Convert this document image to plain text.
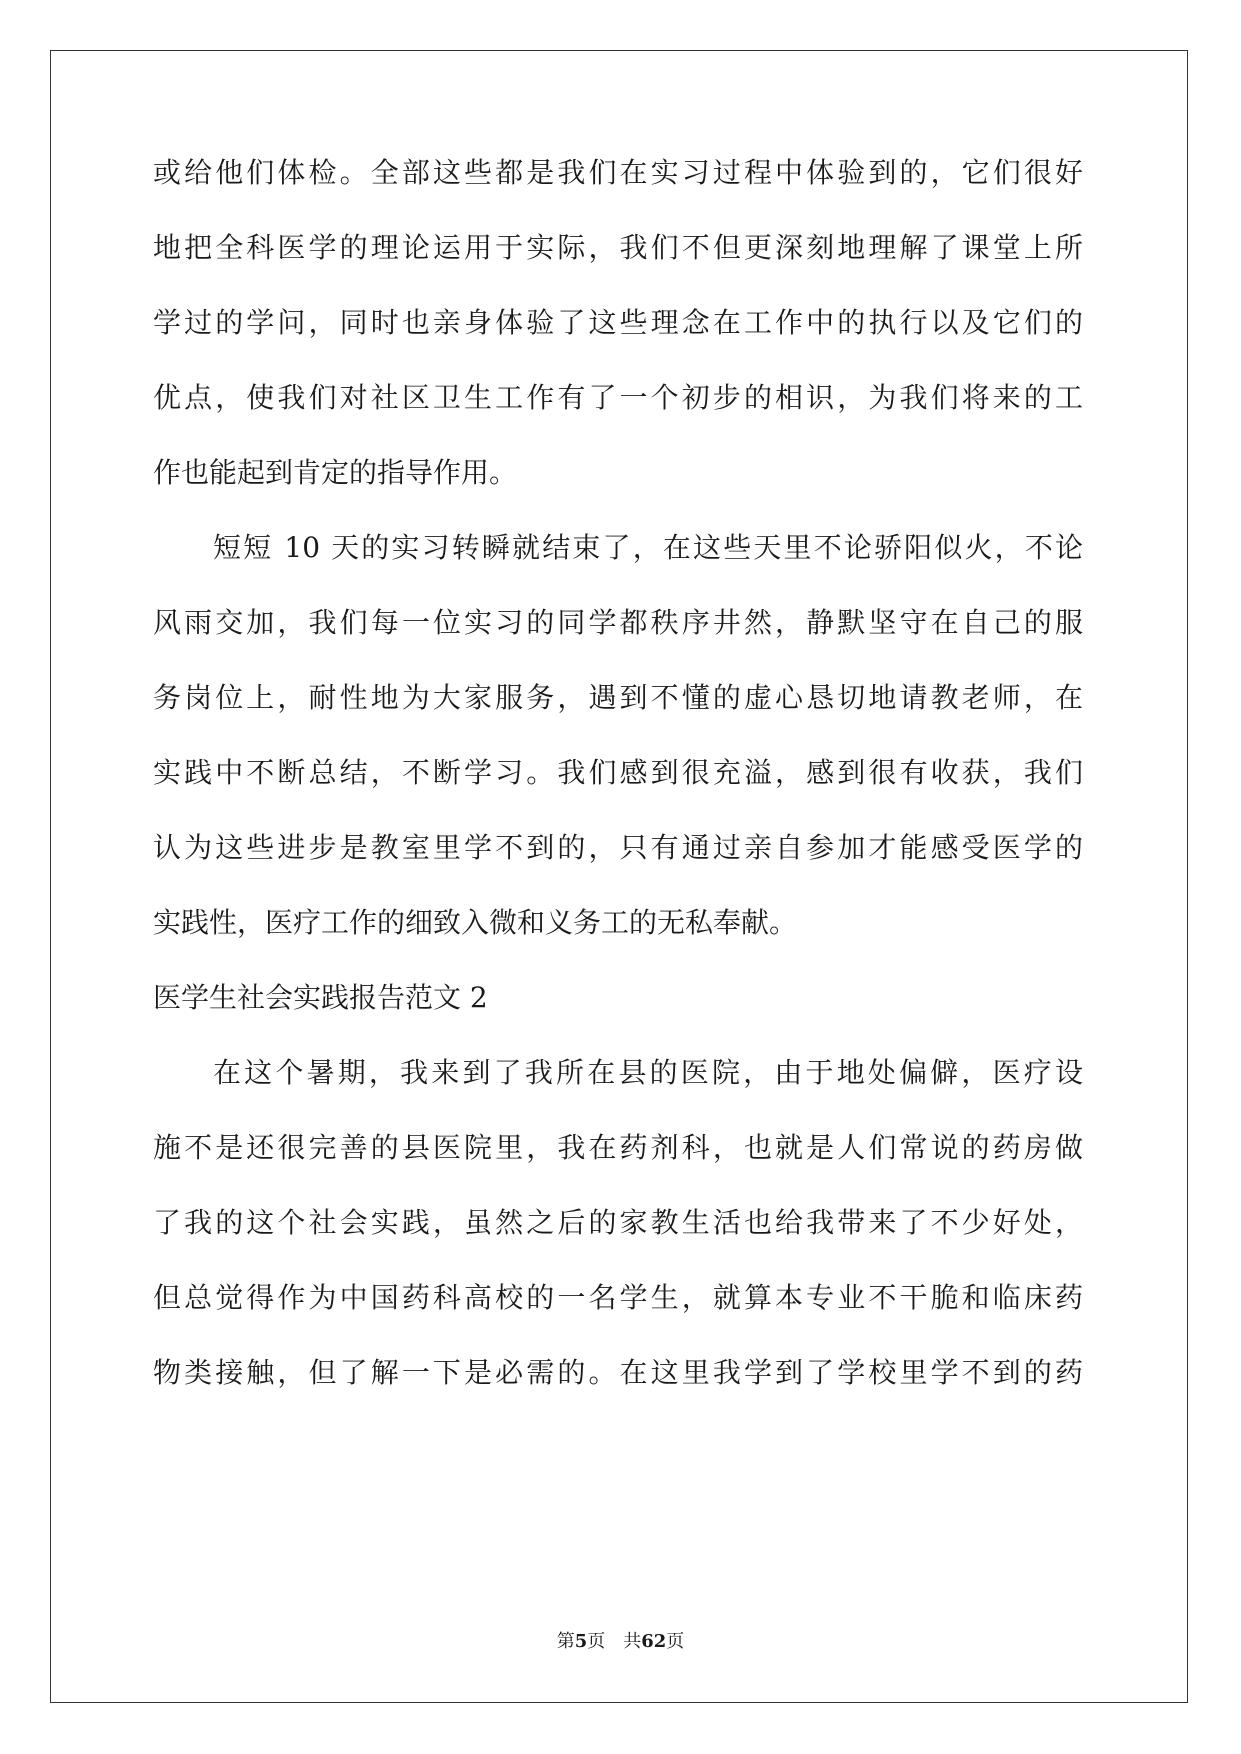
或给他们体检。全部这些都是我们在实习过程中体验到的，它们很好

地把全科医学的理论运用于实际，我们不但更深刻地理解了课堂上所

学过的学问，同时也亲身体验了这些理念在工作中的执行以及它们的

优点，使我们对社区卫生工作有了一个初步的相识，为我们将来的工

作也能起到肯定的指导作用。

短短 10 天的实习转瞬就结束了，在这些天里不论骄阳似火，不论

风雨交加，我们每一位实习的同学都秩序井然，静默坚守在自己的服

务岗位上，耐性地为大家服务，遇到不懂的虚心恳切地请教老师，在

实践中不断总结，不断学习。我们感到很充溢，感到很有收获，我们

认为这些进步是教室里学不到的，只有通过亲自参加才能感受医学的

实践性，医疗工作的细致入微和义务工的无私奉献。

医学生社会实践报告范文 2

在这个暑期，我来到了我所在县的医院，由于地处偏僻，医疗设

施不是还很完善的县医院里，我在药剂科，也就是人们常说的药房做

了我的这个社会实践，虽然之后的家教生活也给我带来了不少好处，

但总觉得作为中国药科高校的一名学生，就算本专业不干脆和临床药

物类接触，但了解一下是必需的。在这里我学到了学校里学不到的药

第5页 共62页
